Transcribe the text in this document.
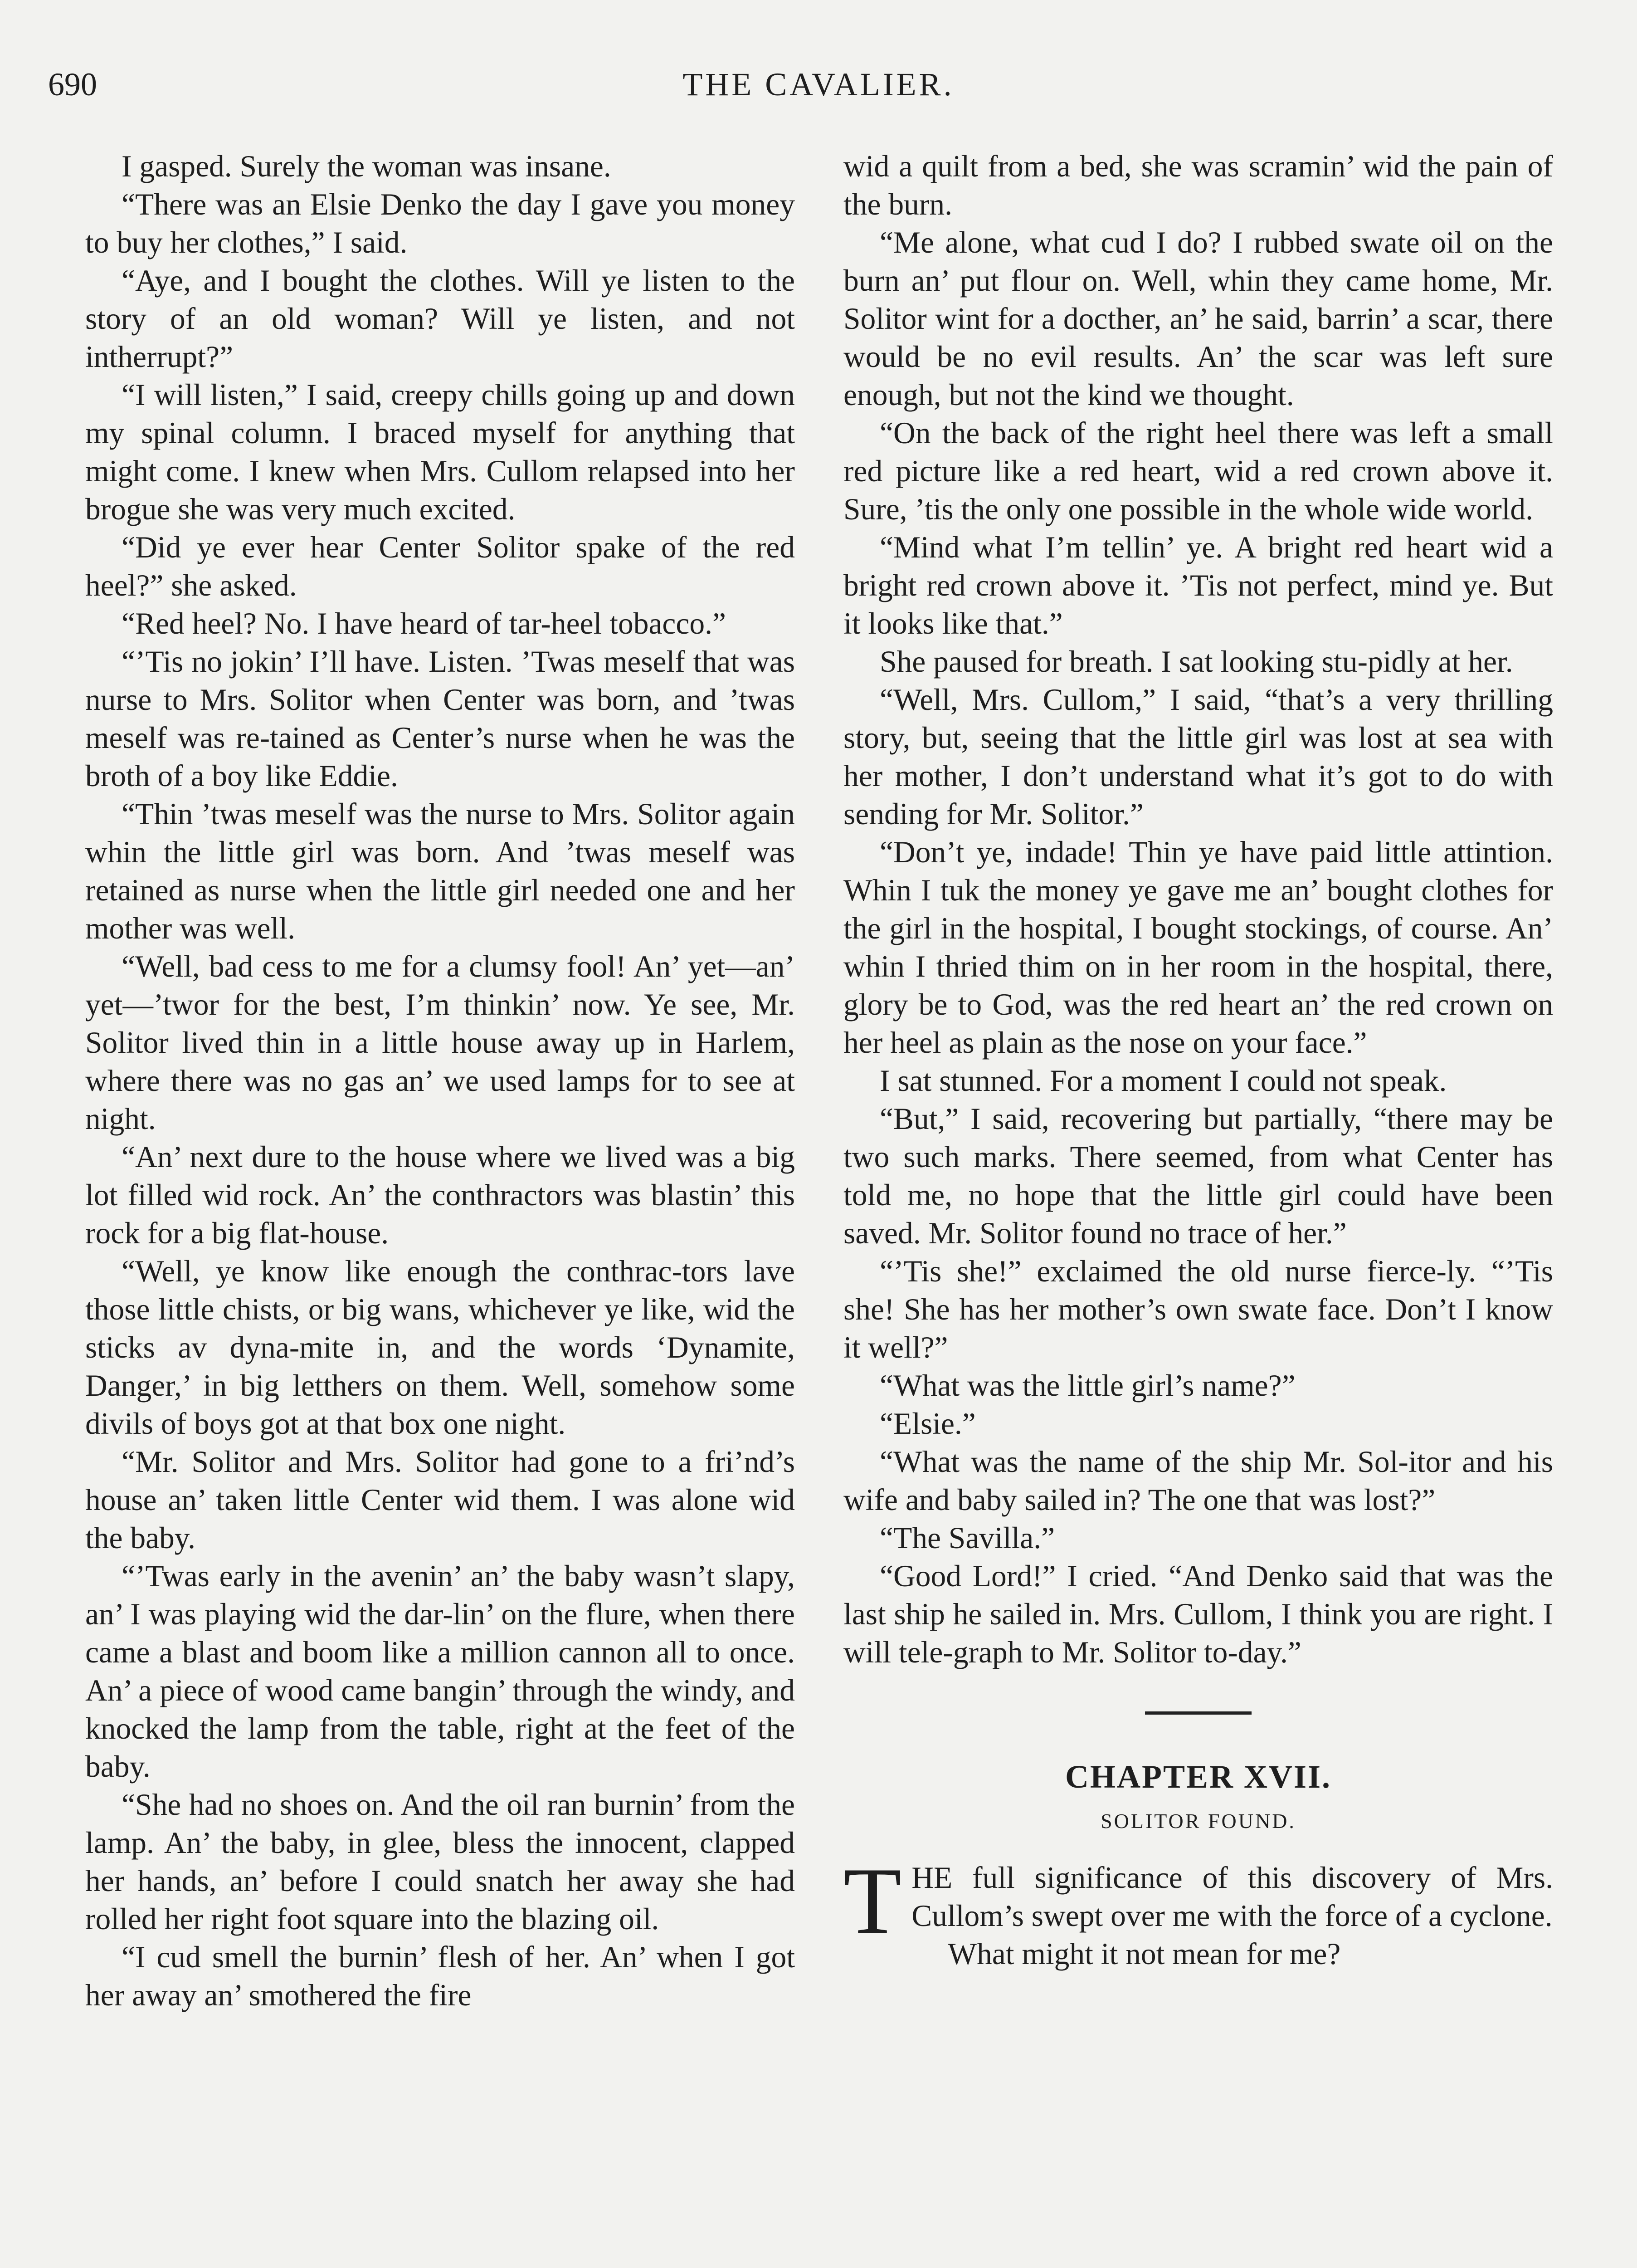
690	THE CAVALIER.

I gasped. Surely the woman was insane.

“There was an Elsie Denko the day I gave you money to buy her clothes,” I said.

“Aye, and I bought the clothes. Will ye listen to the story of an old woman? Will ye listen, and not intherrupt?”

“I will listen,” I said, creepy chills going up and down my spinal column. I braced myself for anything that might come. I knew when Mrs. Cullom relapsed into her brogue she was very much excited.

“Did ye ever hear Center Solitor spake of the red heel?” she asked.

“Red heel? No. I have heard of tar-heel tobacco.”

“’Tis no jokin’ I’ll have. Listen. ’Twas meself that was nurse to Mrs. Solitor when Center was born, and ’twas meself was re-tained as Center’s nurse when he was the broth of a boy like Eddie.

“Thin ’twas meself was the nurse to Mrs. Solitor again whin the little girl was born. And ’twas meself was retained as nurse when the little girl needed one and her mother was well.

“Well, bad cess to me for a clumsy fool! An’ yet—an’ yet—’twor for the best, I’m thinkin’ now. Ye see, Mr. Solitor lived thin in a little house away up in Harlem, where there was no gas an’ we used lamps for to see at night.

“An’ next dure to the house where we lived was a big lot filled wid rock. An’ the conthractors was blastin’ this rock for a big flat-house.

“Well, ye know like enough the conthrac-tors lave those little chists, or big wans, whichever ye like, wid the sticks av dyna-mite in, and the words ‘Dynamite, Danger,’ in big letthers on them. Well, somehow some divils of boys got at that box one night.

“Mr. Solitor and Mrs. Solitor had gone to a fri’nd’s house an’ taken little Center wid them. I was alone wid the baby.

“’Twas early in the avenin’ an’ the baby wasn’t slapy, an’ I was playing wid the dar-lin’ on the flure, when there came a blast and boom like a million cannon all to once. An’ a piece of wood came bangin’ through the windy, and knocked the lamp from the table, right at the feet of the baby.

“She had no shoes on. And the oil ran burnin’ from the lamp. An’ the baby, in glee, bless the innocent, clapped her hands, an’ before I could snatch her away she had rolled her right foot square into the blazing oil.

“I cud smell the burnin’ flesh of her. An’ when I got her away an’ smothered the fire

wid a quilt from a bed, she was scramin’ wid the pain of the burn.

“Me alone, what cud I do? I rubbed swate oil on the burn an’ put flour on. Well, whin they came home, Mr. Solitor wint for a docther, an’ he said, barrin’ a scar, there would be no evil results. An’ the scar was left sure enough, but not the kind we thought.

“On the back of the right heel there was left a small red picture like a red heart, wid a red crown above it. Sure, ’tis the only one possible in the whole wide world.

“Mind what I’m tellin’ ye. A bright red heart wid a bright red crown above it. ’Tis not perfect, mind ye. But it looks like that.”

She paused for breath. I sat looking stu-pidly at her.

“Well, Mrs. Cullom,” I said, “that’s a very thrilling story, but, seeing that the little girl was lost at sea with her mother, I don’t understand what it’s got to do with sending for Mr. Solitor.”

“Don’t ye, indade! Thin ye have paid little attintion. Whin I tuk the money ye gave me an’ bought clothes for the girl in the hospital, I bought stockings, of course. An’ whin I thried thim on in her room in the hospital, there, glory be to God, was the red heart an’ the red crown on her heel as plain as the nose on your face.”

I sat stunned. For a moment I could not speak.

“But,” I said, recovering but partially, “there may be two such marks. There seemed, from what Center has told me, no hope that the little girl could have been saved. Mr. Solitor found no trace of her.”

“’Tis she!” exclaimed the old nurse fierce-ly. “’Tis she! She has her mother’s own swate face. Don’t I know it well?”

“What was the little girl’s name?”

“Elsie.”

“What was the name of the ship Mr. Sol-itor and his wife and baby sailed in? The one that was lost?”

“The Savilla.”

“Good Lord!” I cried. “And Denko said that was the last ship he sailed in. Mrs. Cullom, I think you are right. I will tele-graph to Mr. Solitor to-day.”

CHAPTER XVII.
SOLITOR FOUND.

THE full significance of this discovery of Mrs. Cullom’s swept over me with the force of a cyclone.

What might it not mean for me?
